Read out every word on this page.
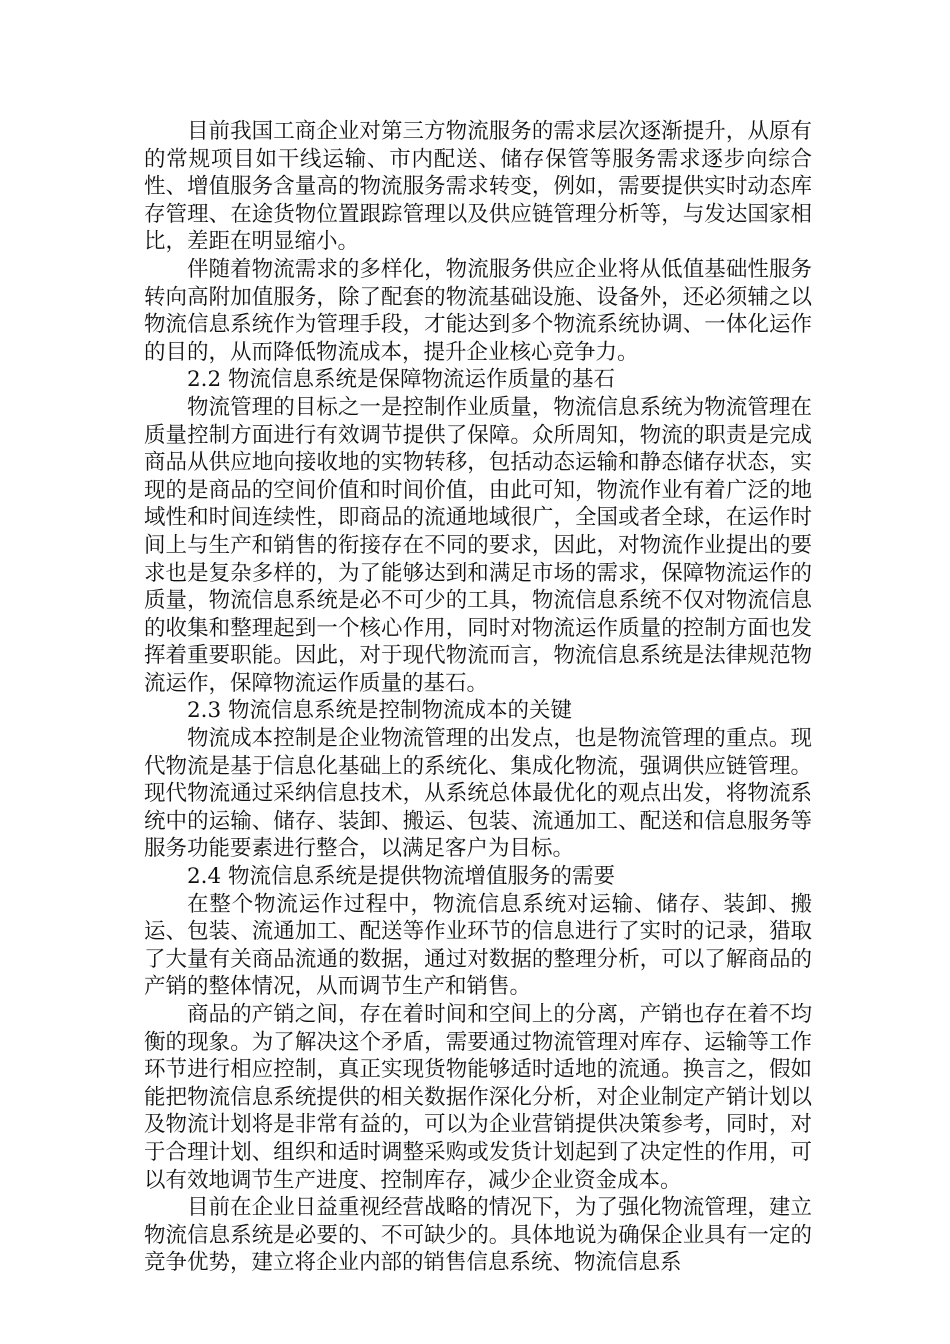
目前我国工商企业对第三方物流服务的需求层次逐渐提升，从原有的常规项目如干线运输、市内配送、储存保管等服务需求逐步向综合性、增值服务含量高的物流服务需求转变，例如，需要提供实时动态库存管理、在途货物位置跟踪管理以及供应链管理分析等，与发达国家相比，差距在明显缩小。

伴随着物流需求的多样化，物流服务供应企业将从低值基础性服务转向高附加值服务，除了配套的物流基础设施、设备外，还必须辅之以物流信息系统作为管理手段，才能达到多个物流系统协调、一体化运作的目的，从而降低物流成本，提升企业核心竞争力。

2.2 物流信息系统是保障物流运作质量的基石

物流管理的目标之一是控制作业质量，物流信息系统为物流管理在质量控制方面进行有效调节提供了保障。众所周知，物流的职责是完成商品从供应地向接收地的实物转移，包括动态运输和静态储存状态，实现的是商品的空间价值和时间价值，由此可知，物流作业有着广泛的地域性和时间连续性，即商品的流通地域很广，全国或者全球，在运作时间上与生产和销售的衔接存在不同的要求，因此，对物流作业提出的要求也是复杂多样的，为了能够达到和满足市场的需求，保障物流运作的质量，物流信息系统是必不可少的工具，物流信息系统不仅对物流信息的收集和整理起到一个核心作用，同时对物流运作质量的控制方面也发挥着重要职能。因此，对于现代物流而言，物流信息系统是法律规范物流运作，保障物流运作质量的基石。

2.3 物流信息系统是控制物流成本的关键

物流成本控制是企业物流管理的出发点，也是物流管理的重点。现代物流是基于信息化基础上的系统化、集成化物流，强调供应链管理。现代物流通过采纳信息技术，从系统总体最优化的观点出发，将物流系统中的运输、储存、装卸、搬运、包装、流通加工、配送和信息服务等服务功能要素进行整合，以满足客户为目标。

2.4 物流信息系统是提供物流增值服务的需要

在整个物流运作过程中，物流信息系统对运输、储存、装卸、搬运、包装、流通加工、配送等作业环节的信息进行了实时的记录，猎取了大量有关商品流通的数据，通过对数据的整理分析，可以了解商品的产销的整体情况，从而调节生产和销售。

商品的产销之间，存在着时间和空间上的分离，产销也存在着不均衡的现象。为了解决这个矛盾，需要通过物流管理对库存、运输等工作环节进行相应控制，真正实现货物能够适时适地的流通。换言之，假如能把物流信息系统提供的相关数据作深化分析，对企业制定产销计划以及物流计划将是非常有益的，可以为企业营销提供决策参考，同时，对于合理计划、组织和适时调整采购或发货计划起到了决定性的作用，可以有效地调节生产进度、控制库存，减少企业资金成本。

目前在企业日益重视经营战略的情况下，为了强化物流管理，建立物流信息系统是必要的、不可缺少的。具体地说为确保企业具有一定的竞争优势，建立将企业内部的销售信息系统、物流信息系
